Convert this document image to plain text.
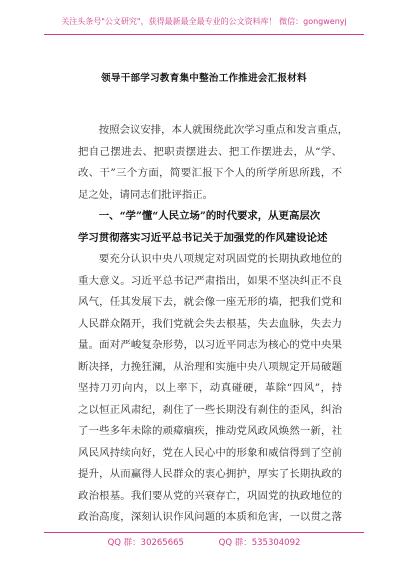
关注头条号"公文研究"，获得最新最全最专业的公文资料库！ 微信：gongwenyj
领导干部学习教育集中整治工作推进会汇报材料
按照会议安排，本人就围绕此次学习重点和发言重点，
把自己摆进去、把职责摆进去、把工作摆进去，从“学、
改、干”三个方面，简要汇报下个人的所学所思所践，不
足之处，请同志们批评指正。
一、“学”懂“人民立场”的时代要求，从更高层次
学习贯彻落实习近平总书记关于加强党的作风建设论述
要充分认识中央八项规定对巩固党的长期执政地位的
重大意义。习近平总书记严肃指出，如果不坚决纠正不良
风气，任其发展下去，就会像一座无形的墙，把我们党和
人民群众隔开，我们党就会失去根基，失去血脉，失去力
量。面对严峻复杂形势，以习近平同志为核心的党中央果
断决择，力挽狂澜，从治理和实施中央八项规定开局破题
坚持刀刃向内，以上率下，动真碰硬，革除“四风”，持
之以恒正风肃纪，刹住了一些长期没有刹住的歪风，纠治
了一些多年未除的顽瘴痼疾，推动党风政风焕然一新，社
风民风持续向好，党在人民心中的形象和威信得到了空前
提升，从而赢得人民群众的衷心拥护，厚实了长期执政的
政治根基。我们要从党的兴衰存亡，巩固党的执政地位的
政治高度，深刻认识作风问题的本质和危害，一以贯之落
QQ 群：30265665	QQ 群：535304092
